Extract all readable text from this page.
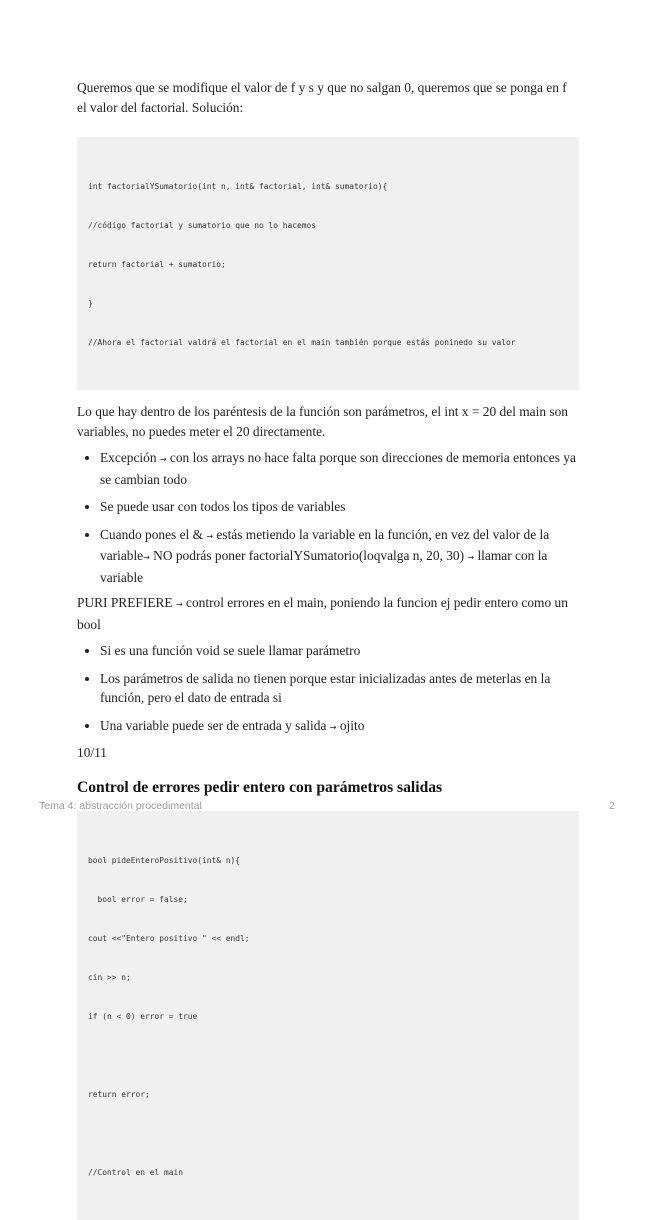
Queremos que se modifique el valor de f y s y que no salgan 0, queremos que se ponga en f el valor del factorial. Solución:

int factorialYSumatorio(int n, int& factorial, int& sumatorio){

//código factorial y sumatorio que no lo hacemos

return factorial + sumatorio;

}

//Ahora el factorial valdrá el factorial en el main también porque estás poninedo su valor

Lo que hay dentro de los paréntesis de la función son parámetros, el int x = 20 del main son variables, no puedes meter el 20 directamente.

Excepción → con los arrays no hace falta porque son direcciones de memoria entonces ya se cambian todo
Se puede usar con todos los tipos de variables
Cuando pones el & → estás metiendo la variable en la función, en vez del valor de la variable→ NO podrás poner factorialYSumatorio(loqvalga n, 20, 30) → llamar con la variable

PURI PREFIERE → control errores en el main, poniendo la funcion ej pedir entero como un bool

Si es una función void se suele llamar parámetro
Los parámetros de salida no tienen porque estar inicializadas antes de meterlas en la función, pero el dato de entrada si
Una variable puede ser de entrada y salida → ojito

10/11

Control de errores pedir entero con parámetros salidas

bool pideEnteroPositivo(int& n){

bool error = false;

cout <<"Entero positivo " << endl;

cin >> n;

if (n < 0) error = true

return error;

//Control en el main

Tema 4: abstracción procedimental	2
